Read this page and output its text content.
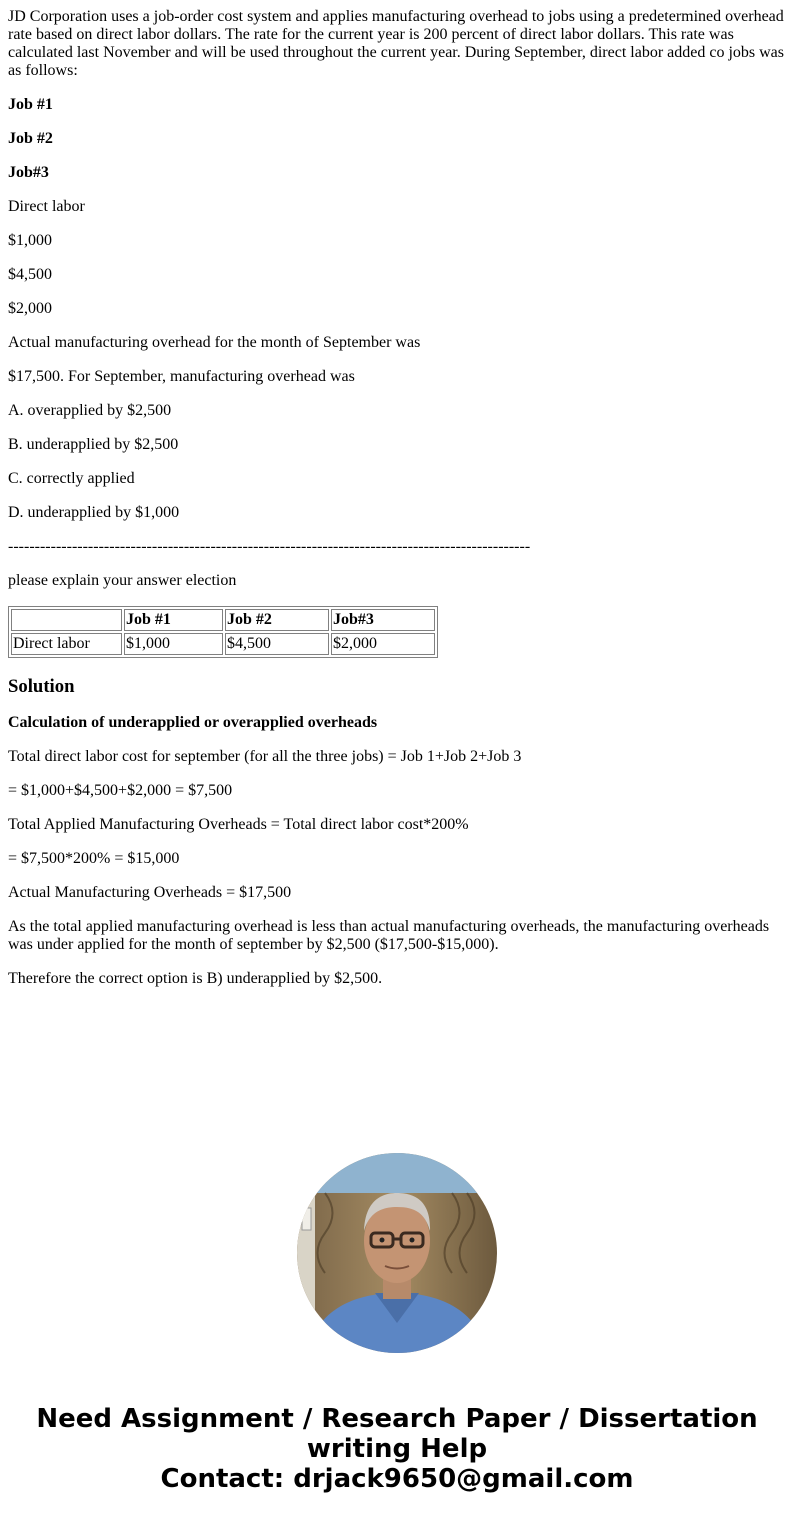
JD Corporation uses a job-order cost system and applies manufacturing overhead to jobs using a predetermined overhead rate based on direct labor dollars. The rate for the current year is 200 percent of direct labor dollars. This rate was calculated last November and will be used throughout the current year. During September, direct labor added co jobs was as follows:

Job #1

Job #2

Job#3

Direct labor

$1,000

$4,500

$2,000

Actual manufacturing overhead for the month of September was

$17,500. For September, manufacturing overhead was

A. overapplied by $2,500

B. underapplied by $2,500

C. correctly applied

D. underapplied by $1,000

--------------------------------------------------------------------------------------------------

please explain your answer election

	Job #1	Job #2	Job#3
Direct labor	$1,000	$4,500	$2,000
Solution

Calculation of underapplied or overapplied overheads

Total direct labor cost for september (for all the three jobs) = Job 1+Job 2+Job 3

= $1,000+$4,500+$2,000 = $7,500

Total Applied Manufacturing Overheads = Total direct labor cost*200%

= $7,500*200% = $15,000

Actual Manufacturing Overheads = $17,500

As the total applied manufacturing overhead is less than actual manufacturing overheads, the manufacturing overheads was under applied for the month of september by $2,500 ($17,500-$15,000).

Therefore the correct option is B) underapplied by $2,500.

Need Assignment / Research Paper / Dissertation
writing Help
Contact: drjack9650@gmail.com
